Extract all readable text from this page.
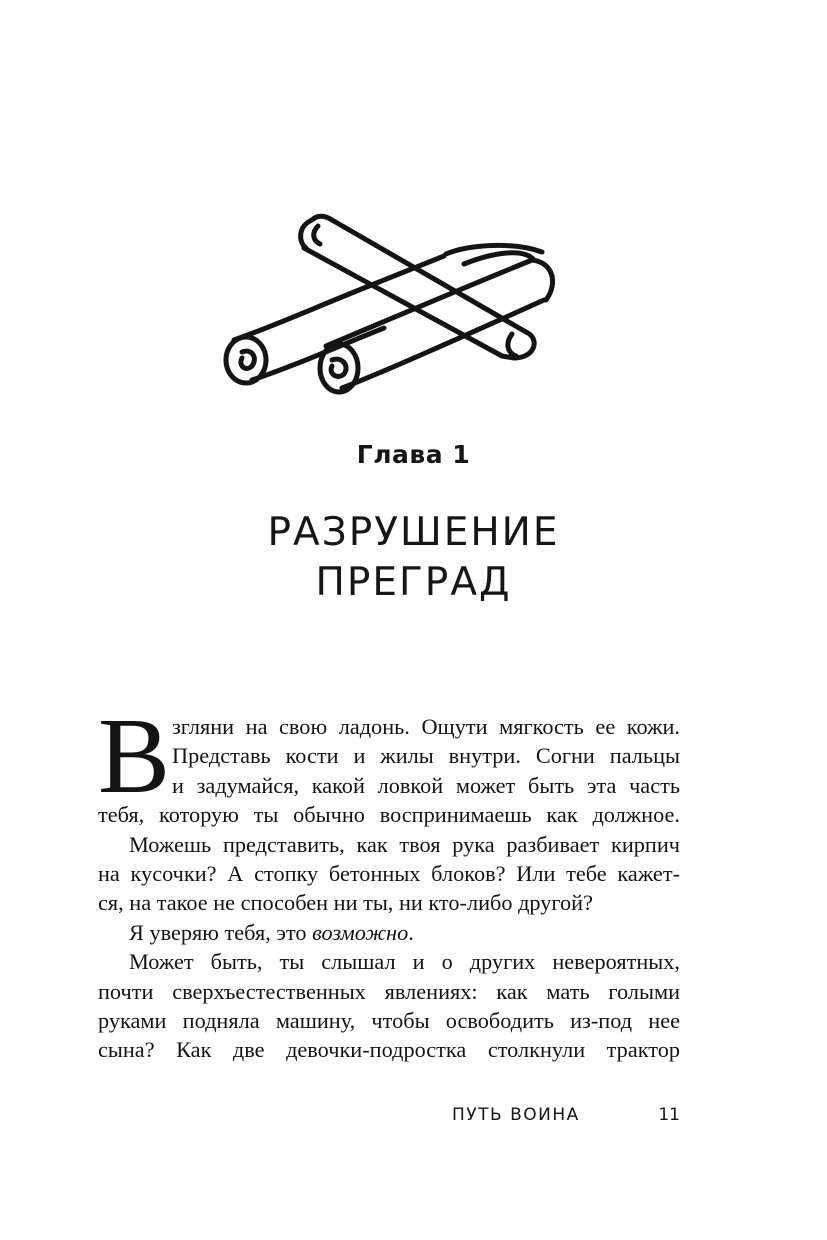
Глава 1
РАЗРУШЕНИЕ
ПРЕГРАД
В згляни на свою ладонь. Ощути мягкость ее кожи.
Представь кости и жилы внутри. Согни пальцы
и задумайся, какой ловкой может быть эта часть
тебя, которую ты обычно воспринимаешь как должное.
Можешь представить, как твоя рука разбивает кирпич
на кусочки? А стопку бетонных блоков? Или тебе кажет-
ся, на такое не способен ни ты, ни кто-либо другой?
Я уверяю тебя, это возможно.
Может быть, ты слышал и о других невероятных,
почти сверхъестественных явлениях: как мать голыми
руками подняла машину, чтобы освободить из-под нее
сына? Как две девочки-подростка столкнули трактор
ПУТЬ ВОИНА	11
